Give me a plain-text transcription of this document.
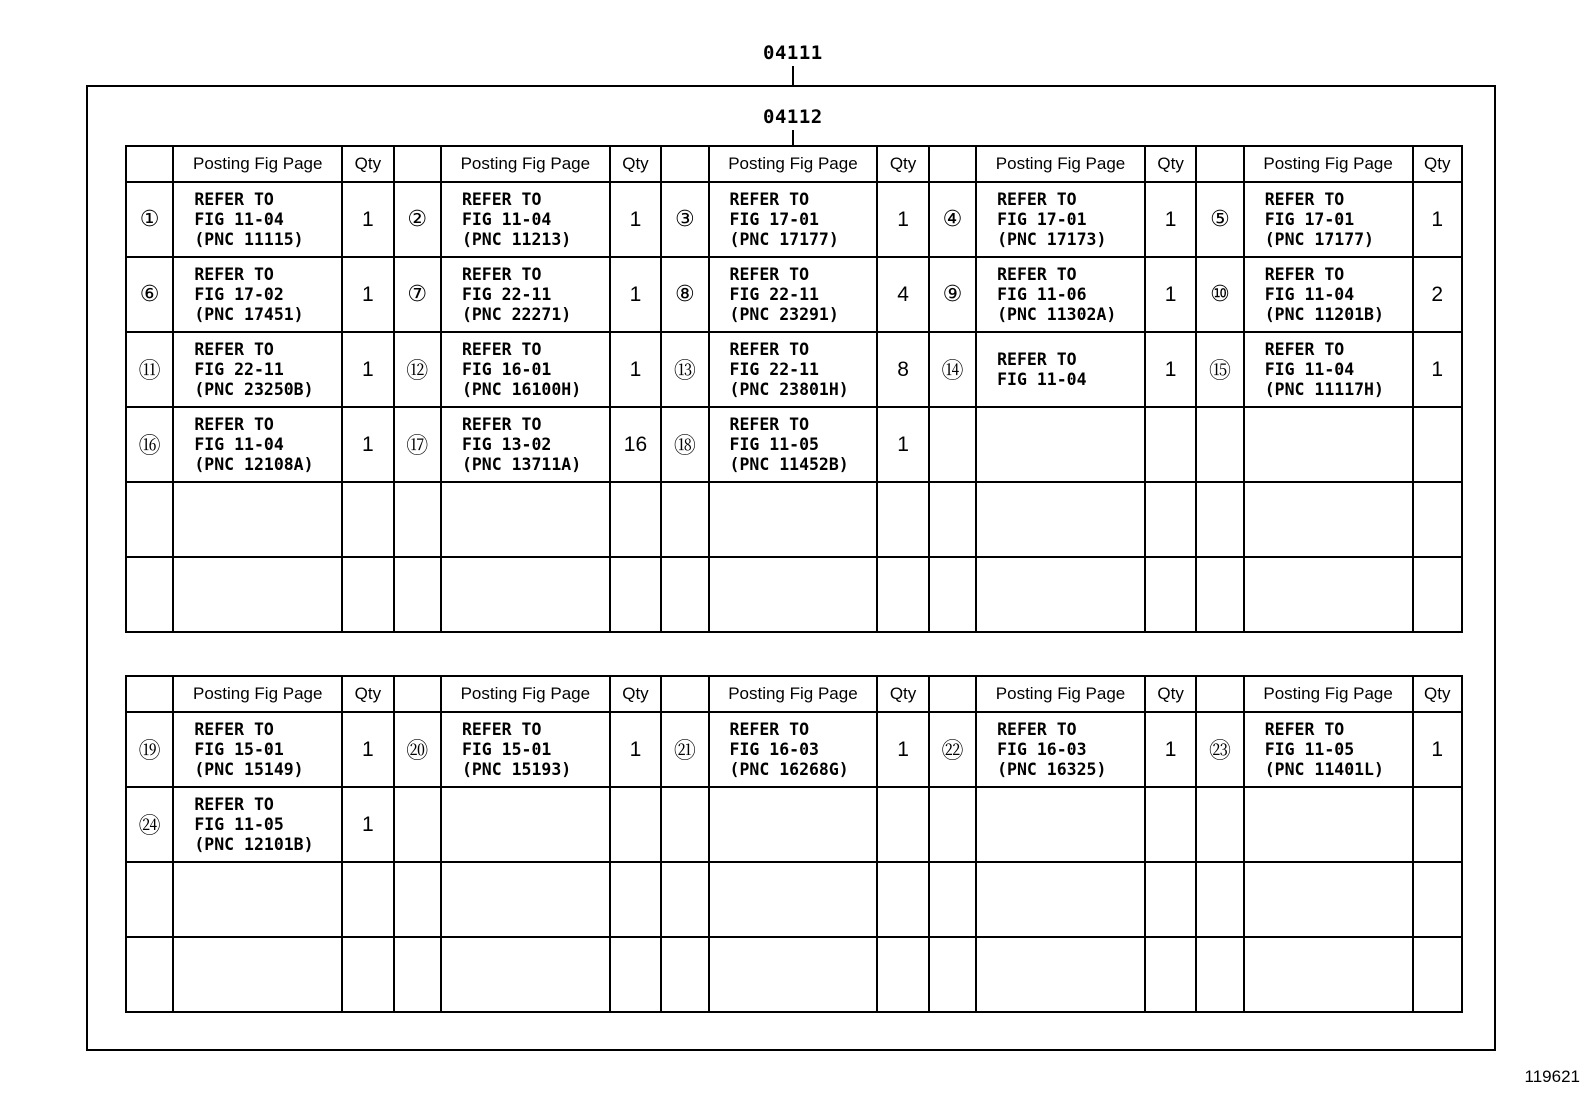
04111
04112
	Posting Fig Page	Qty		Posting Fig Page	Qty		Posting Fig Page	Qty		Posting Fig Page	Qty		Posting Fig Page	Qty
①	REFER TO
FIG 11-04
(PNC 11115)	1	②	REFER TO
FIG 11-04
(PNC 11213)	1	③	REFER TO
FIG 17-01
(PNC 17177)	1	④	REFER TO
FIG 17-01
(PNC 17173)	1	⑤	REFER TO
FIG 17-01
(PNC 17177)	1
⑥	REFER TO
FIG 17-02
(PNC 17451)	1	⑦	REFER TO
FIG 22-11
(PNC 22271)	1	⑧	REFER TO
FIG 22-11
(PNC 23291)	4	⑨	REFER TO
FIG 11-06
(PNC 11302A)	1	⑩	REFER TO
FIG 11-04
(PNC 11201B)	2
⑪	REFER TO
FIG 22-11
(PNC 23250B)	1	⑫	REFER TO
FIG 16-01
(PNC 16100H)	1	⑬	REFER TO
FIG 22-11
(PNC 23801H)	8	⑭	REFER TO
FIG 11-04	1	⑮	REFER TO
FIG 11-04
(PNC 11117H)	1
⑯	REFER TO
FIG 11-04
(PNC 12108A)	1	⑰	REFER TO
FIG 13-02
(PNC 13711A)	16	⑱	REFER TO
FIG 11-05
(PNC 11452B)	1						

	Posting Fig Page	Qty		Posting Fig Page	Qty		Posting Fig Page	Qty		Posting Fig Page	Qty		Posting Fig Page	Qty
⑲	REFER TO
FIG 15-01
(PNC 15149)	1	⑳	REFER TO
FIG 15-01
(PNC 15193)	1	㉑	REFER TO
FIG 16-03
(PNC 16268G)	1	㉒	REFER TO
FIG 16-03
(PNC 16325)	1	㉓	REFER TO
FIG 11-05
(PNC 11401L)	1
㉔	REFER TO
FIG 11-05
(PNC 12101B)	1												

119621
